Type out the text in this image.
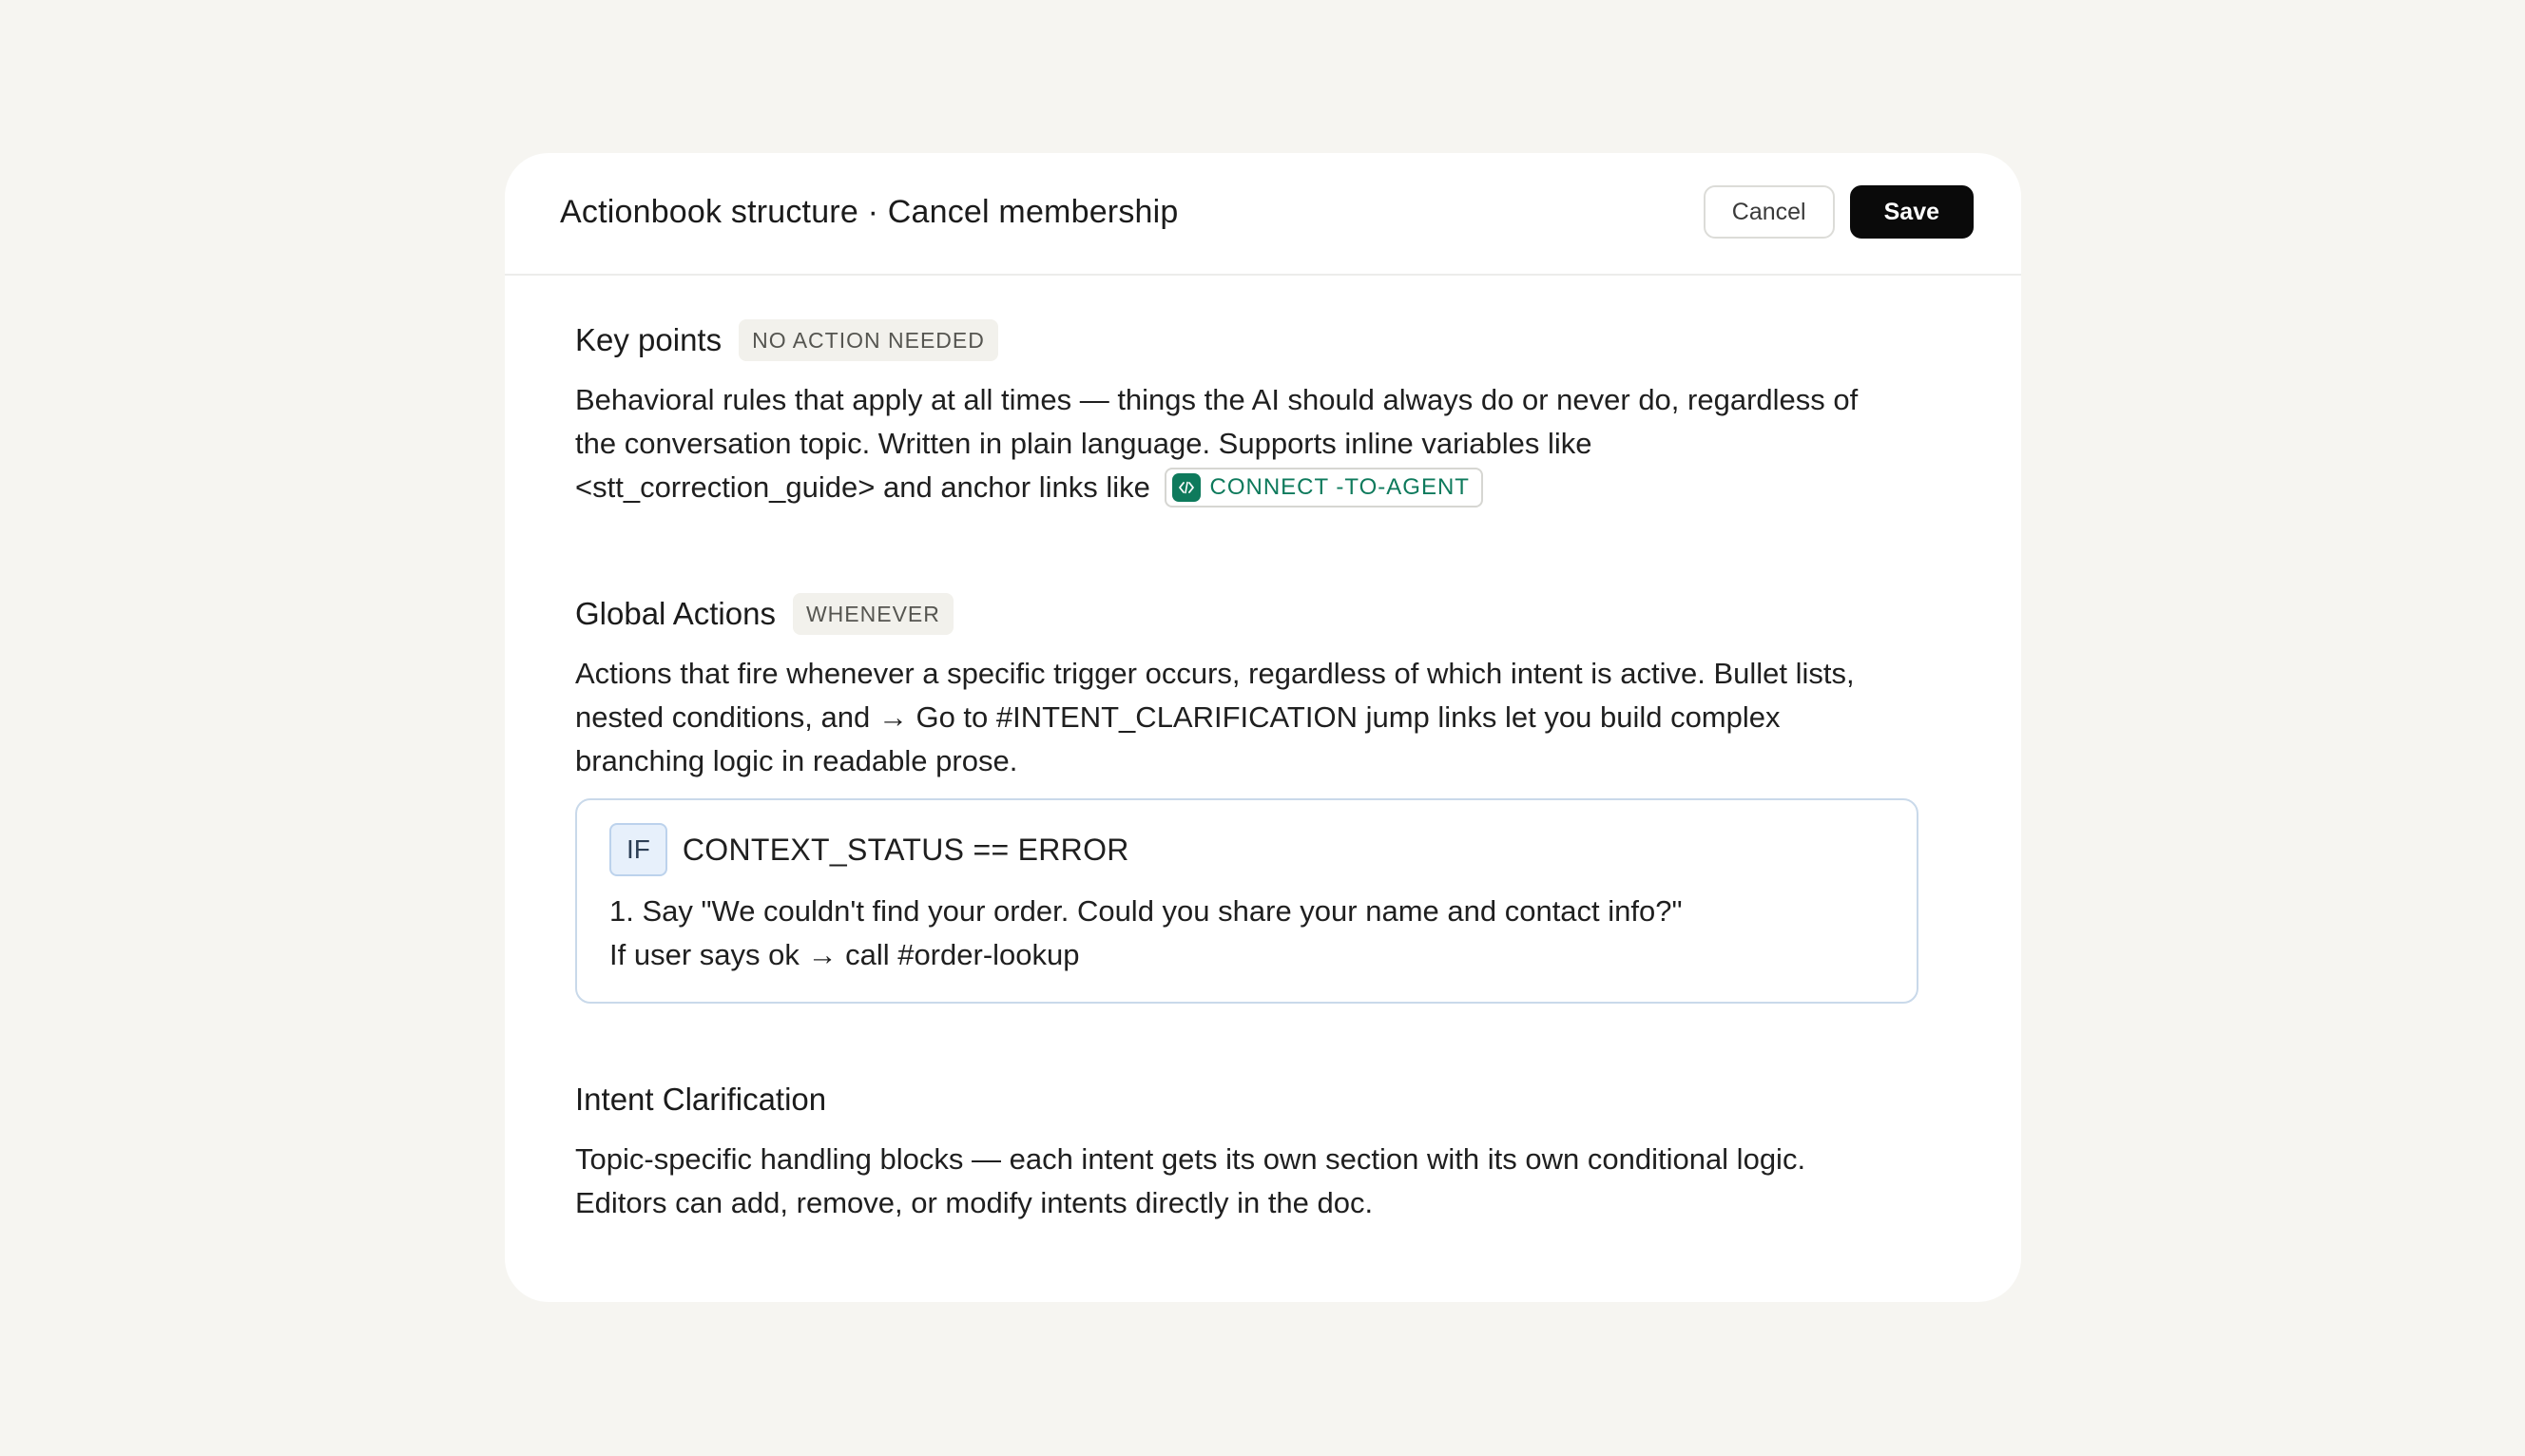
Actionbook structure · Cancel membership	Cancel	Save
Key points	NO ACTION NEEDED
Behavioral rules that apply at all times — things the AI should always do or never do, regardless of the conversation topic. Written in plain language. Supports inline variables like <stt_correction_guide> and anchor links like	CONNECT -TO-AGENT
Global Actions	WHENEVER
Actions that fire whenever a specific trigger occurs, regardless of which intent is active. Bullet lists, nested conditions, and → Go to #INTENT_CLARIFICATION jump links let you build complex branching logic in readable prose.
IF	CONTEXT_STATUS == ERROR
1. Say "We couldn't find your order. Could you share your name and contact info?"
If user says ok → call #order-lookup
Intent Clarification
Topic-specific handling blocks — each intent gets its own section with its own conditional logic. Editors can add, remove, or modify intents directly in the doc.
